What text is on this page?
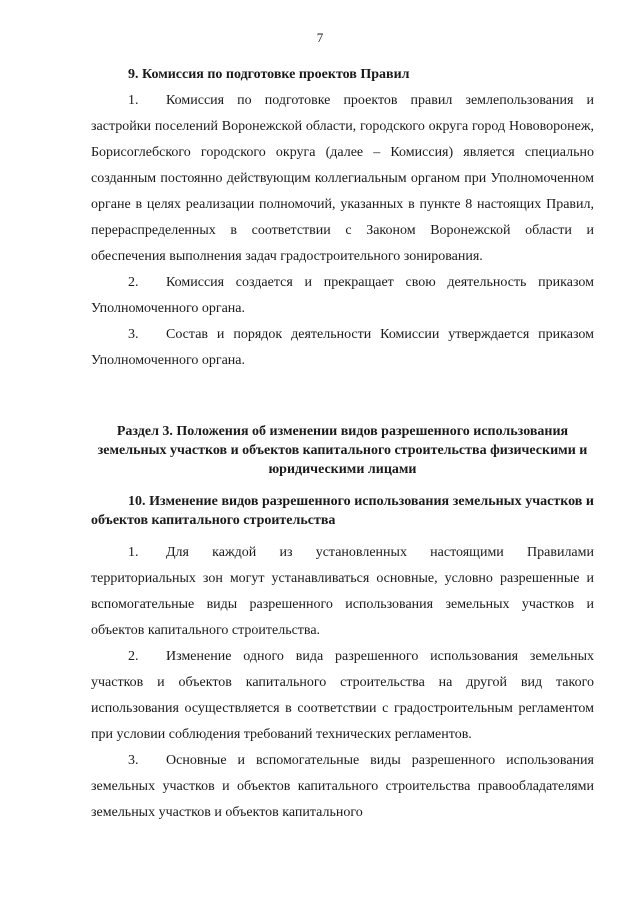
7
9. Комиссия по подготовке проектов Правил
1. Комиссия по подготовке проектов правил землепользования и застройки поселений Воронежской области, городского округа город Нововоронеж, Борисоглебского городского округа (далее – Комиссия) является специально созданным постоянно действующим коллегиальным органом при Уполномоченном органе в целях реализации полномочий, указанных в пункте 8 настоящих Правил, перераспределенных в соответствии с Законом Воронежской области и обеспечения выполнения задач градостроительного зонирования.
2. Комиссия создается и прекращает свою деятельность приказом Уполномоченного органа.
3. Состав и порядок деятельности Комиссии утверждается приказом Уполномоченного органа.
Раздел 3. Положения об изменении видов разрешенного использования земельных участков и объектов капитального строительства физическими и юридическими лицами
10. Изменение видов разрешенного использования земельных участков и объектов капитального строительства
1. Для каждой из установленных настоящими Правилами территориальных зон могут устанавливаться основные, условно разрешенные и вспомогательные виды разрешенного использования земельных участков и объектов капитального строительства.
2. Изменение одного вида разрешенного использования земельных участков и объектов капитального строительства на другой вид такого использования осуществляется в соответствии с градостроительным регламентом при условии соблюдения требований технических регламентов.
3. Основные и вспомогательные виды разрешенного использования земельных участков и объектов капитального строительства правообладателями земельных участков и объектов капитального
